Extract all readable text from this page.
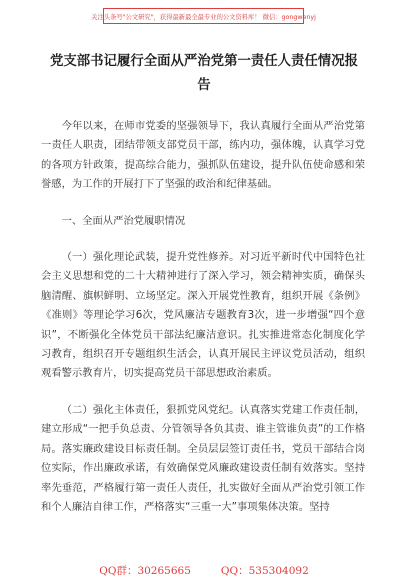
关注头条号"公文研究"，获得最新最全最专业的公文资料库！ 微信：gongwenyj
党支部书记履行全面从严治党第一责任人责任情况报
告

今年以来，在师市党委的坚强领导下，我认真履行全面从严治党第一责任人职责，团结带领支部党员干部，练内功，强体魄，认真学习党的各项方针政策，提高综合能力，强抓队伍建设，提升队伍使命感和荣誉感，为工作的开展打下了坚强的政治和纪律基础。

一、全面从严治党履职情况

（一）强化理论武装，提升党性修养。对习近平新时代中国特色社会主义思想和党的二十大精神进行了深入学习，领会精神实质，确保头脑清醒、旗帜鲜明、立场坚定。深入开展党性教育，组织开展《条例》《准则》等理论学习6次，党风廉洁专题教育3次，进一步增强“四个意识”，不断强化全体党员干部法纪廉洁意识。扎实推进常态化制度化学习教育，组织召开专题组织生活会，认真开展民主评议党员活动，组织观看警示教育片，切实提高党员干部思想政治素质。

（二）强化主体责任，狠抓党风党纪。认真落实党建工作责任制，建立形成“一把手负总责、分管领导各负其责、谁主管谁负责”的工作格局。落实廉政建设目标责任制。全员层层签订责任书，党员干部结合岗位实际，作出廉政承诺，有效确保党风廉政建设责任制有效落实。坚持率先垂范，严格履行第一责任人责任，扎实做好全面从严治党引领工作和个人廉洁自律工作，严格落实“三重一大”事项集体决策。坚持

QQ群：30265665	QQ：535304092
